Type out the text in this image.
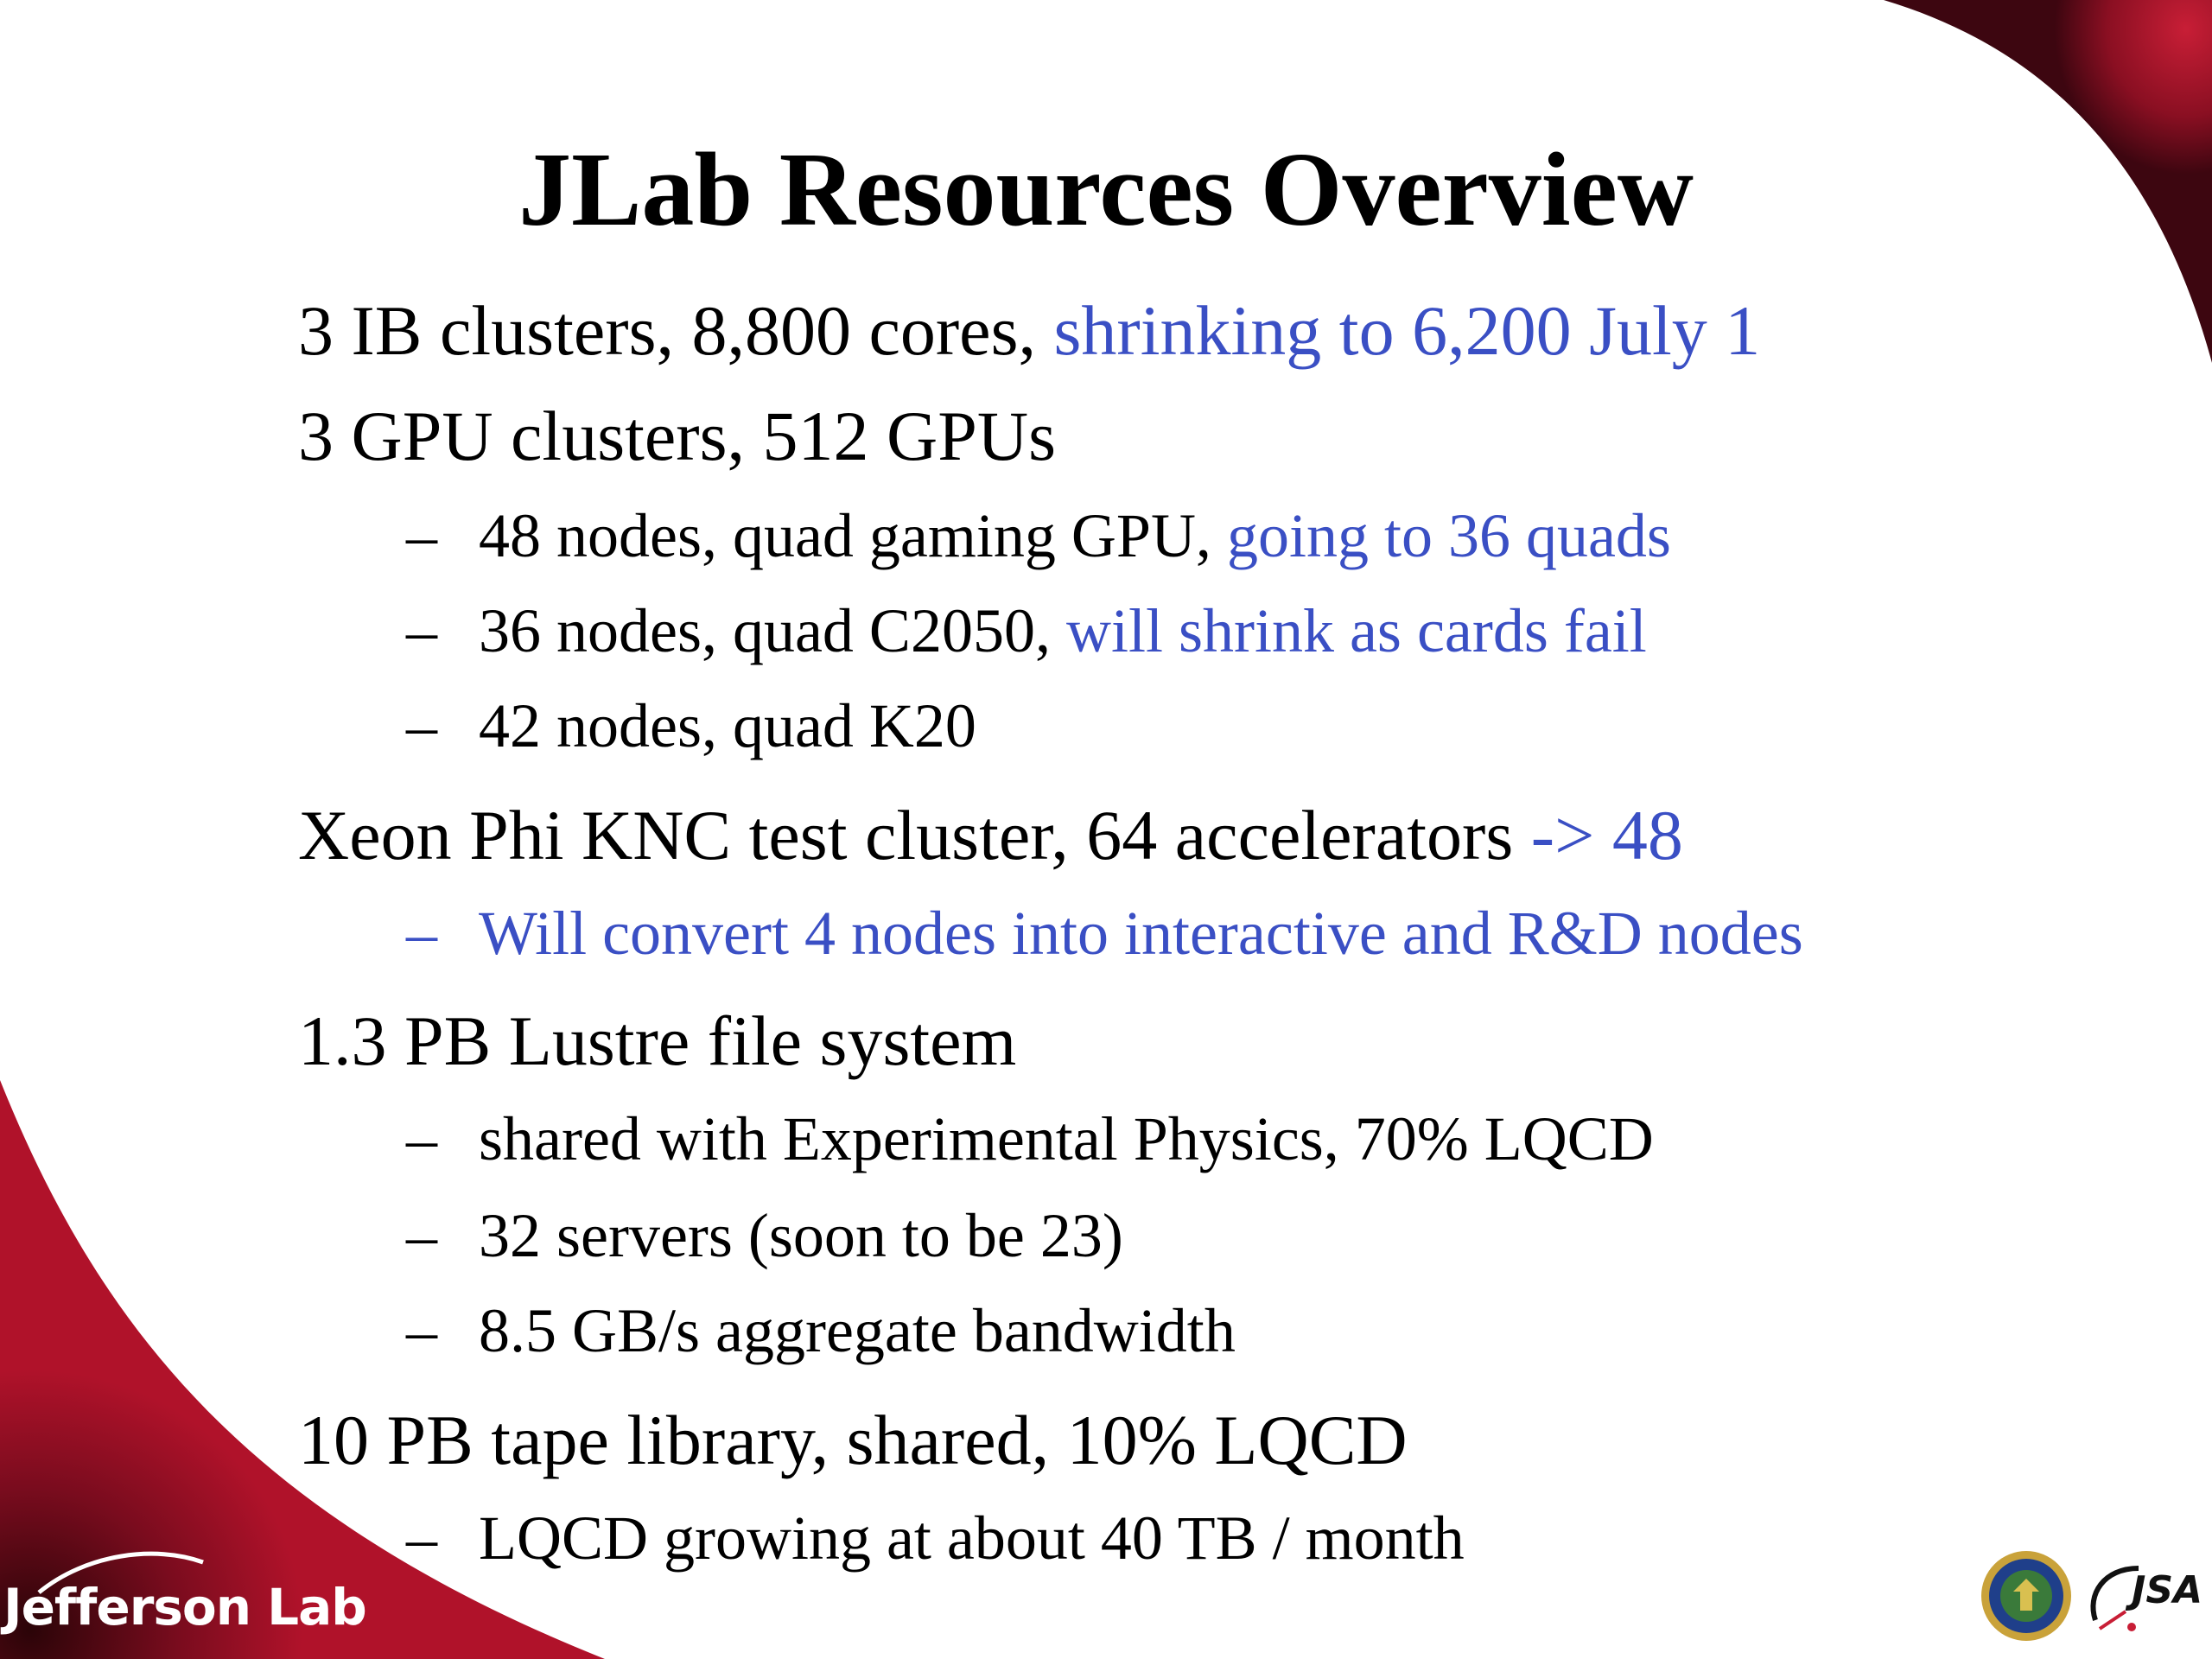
JLab Resources Overview
3 IB clusters, 8,800 cores, shrinking to 6,200 July 1
3 GPU clusters, 512 GPUs
– 48 nodes, quad gaming GPU, going to 36 quads
– 36 nodes, quad C2050, will shrink as cards fail
– 42 nodes, quad K20
Xeon Phi KNC test cluster, 64 accelerators -> 48
– Will convert 4 nodes into interactive and R&D nodes
1.3 PB Lustre file system
– shared with Experimental Physics, 70% LQCD
– 32 servers (soon to be 23)
– 8.5 GB/s aggregate bandwidth
10 PB tape library, shared, 10% LQCD
– LQCD growing at about 40 TB / month
Jefferson Lab	JSA
